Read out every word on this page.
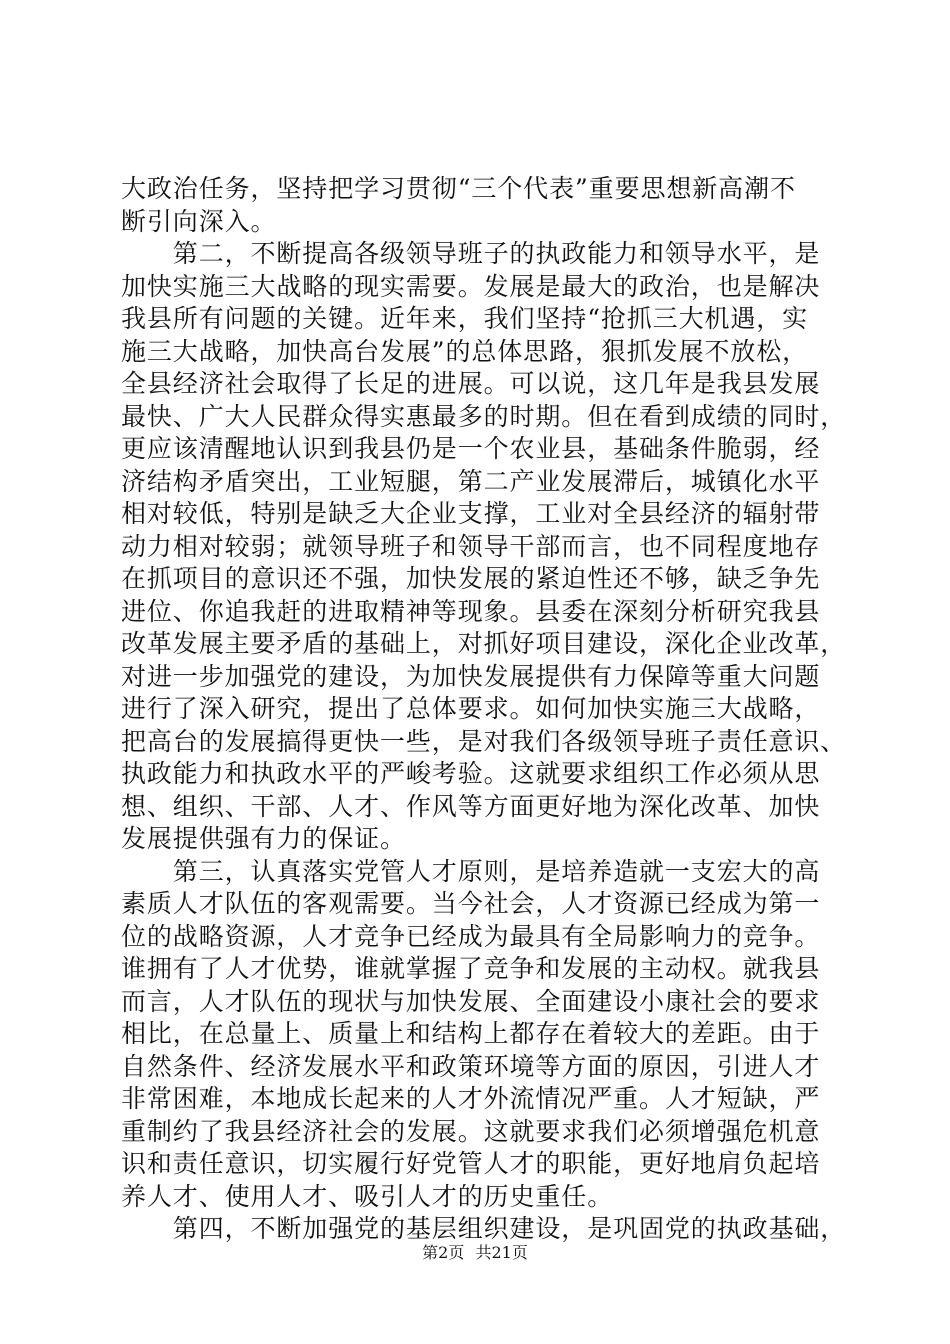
大政治任务，坚持把学习贯彻“三个代表”重要思想新高潮不
断引向深入。
　　第二，不断提高各级领导班子的执政能力和领导水平，是
加快实施三大战略的现实需要。发展是最大的政治，也是解决
我县所有问题的关键。近年来，我们坚持“抢抓三大机遇，实
施三大战略，加快高台发展”的总体思路，狠抓发展不放松，
全县经济社会取得了长足的进展。可以说，这几年是我县发展
最快、广大人民群众得实惠最多的时期。但在看到成绩的同时，
更应该清醒地认识到我县仍是一个农业县，基础条件脆弱，经
济结构矛盾突出，工业短腿，第二产业发展滞后，城镇化水平
相对较低，特别是缺乏大企业支撑，工业对全县经济的辐射带
动力相对较弱；就领导班子和领导干部而言，也不同程度地存
在抓项目的意识还不强，加快发展的紧迫性还不够，缺乏争先
进位、你追我赶的进取精神等现象。县委在深刻分析研究我县
改革发展主要矛盾的基础上，对抓好项目建设，深化企业改革，
对进一步加强党的建设，为加快发展提供有力保障等重大问题
进行了深入研究，提出了总体要求。如何加快实施三大战略，
把高台的发展搞得更快一些，是对我们各级领导班子责任意识、
执政能力和执政水平的严峻考验。这就要求组织工作必须从思
想、组织、干部、人才、作风等方面更好地为深化改革、加快
发展提供强有力的保证。
　　第三，认真落实党管人才原则，是培养造就一支宏大的高
素质人才队伍的客观需要。当今社会，人才资源已经成为第一
位的战略资源，人才竞争已经成为最具有全局影响力的竞争。
谁拥有了人才优势，谁就掌握了竞争和发展的主动权。就我县
而言，人才队伍的现状与加快发展、全面建设小康社会的要求
相比，在总量上、质量上和结构上都存在着较大的差距。由于
自然条件、经济发展水平和政策环境等方面的原因，引进人才
非常困难，本地成长起来的人才外流情况严重。人才短缺，严
重制约了我县经济社会的发展。这就要求我们必须增强危机意
识和责任意识，切实履行好党管人才的职能，更好地肩负起培
养人才、使用人才、吸引人才的历史重任。
　　第四，不断加强党的基层组织建设，是巩固党的执政基础，
第2页 共21页
